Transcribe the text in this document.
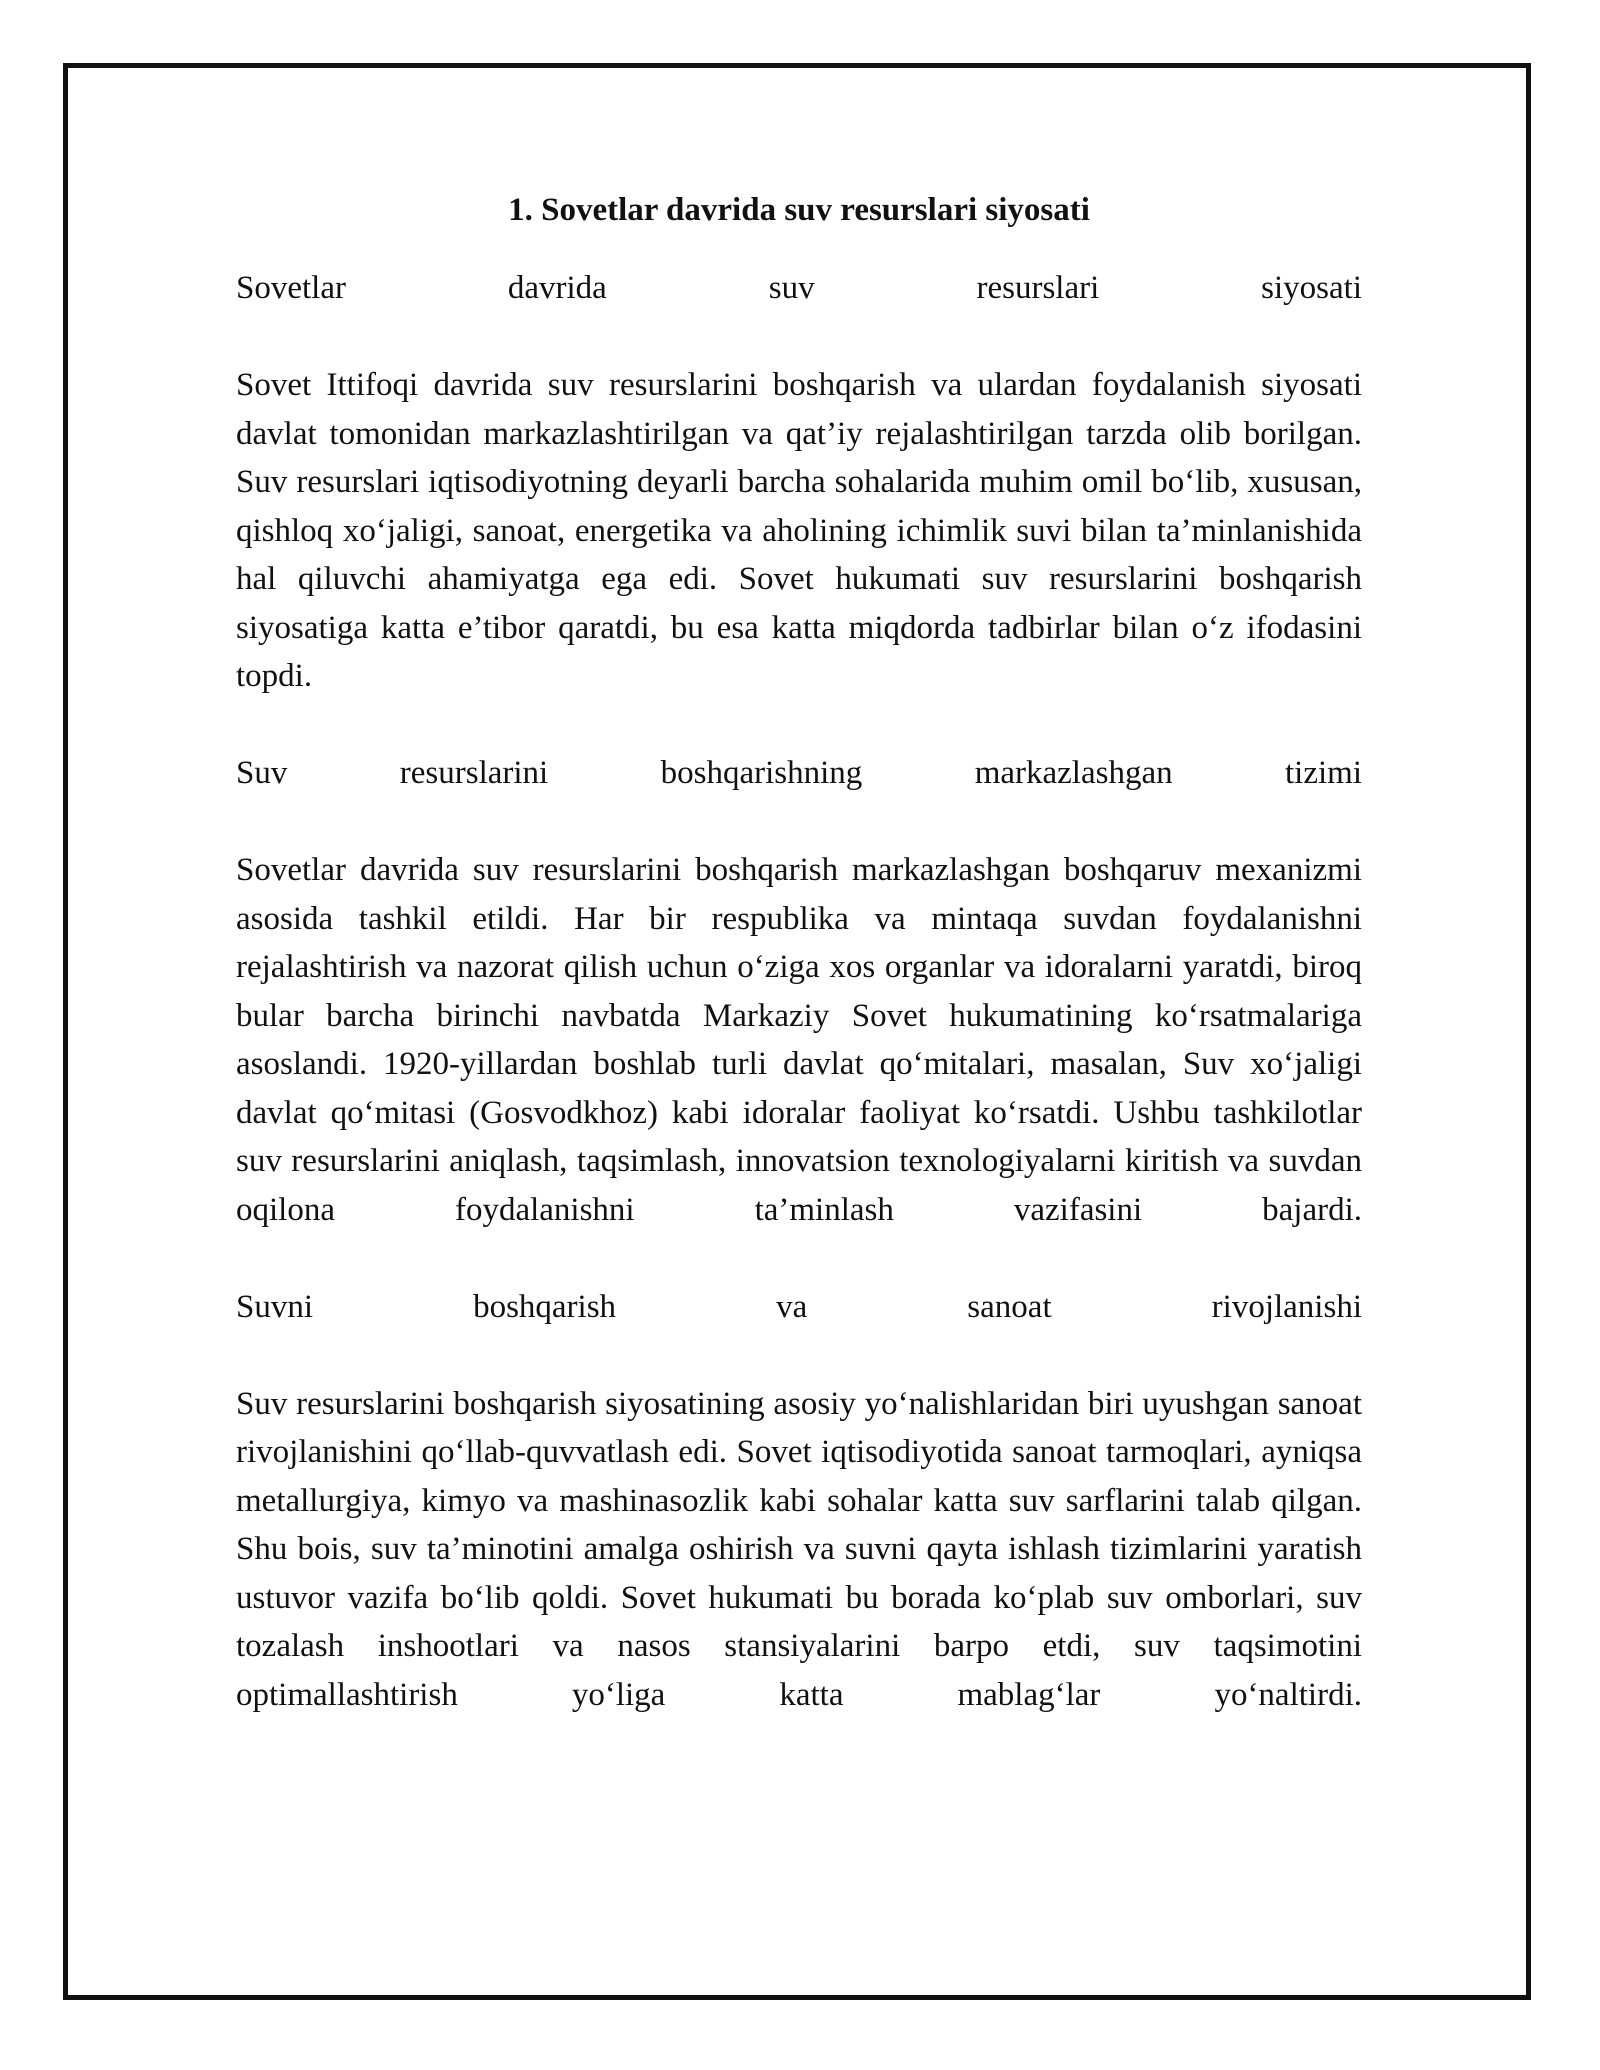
1. Sovetlar davrida suv resurslari siyosati
Sovetlar davrida suv resurslari siyosati

Sovet Ittifoqi davrida suv resurslarini boshqarish va ulardan foydalanish siyosati davlat tomonidan markazlashtirilgan va qat’iy rejalashtirilgan tarzda olib borilgan. Suv resurslari iqtisodiyotning deyarli barcha sohalarida muhim omil bo‘lib, xususan, qishloq xo‘jaligi, sanoat, energetika va aholining ichimlik suvi bilan ta’minlanishida hal qiluvchi ahamiyatga ega edi. Sovet hukumati suv resurslarini boshqarish siyosatiga katta e’tibor qaratdi, bu esa katta miqdorda tadbirlar bilan o‘z ifodasini topdi.

Suv resurslarini boshqarishning markazlashgan tizimi

Sovetlar davrida suv resurslarini boshqarish markazlashgan boshqaruv mexanizmi asosida tashkil etildi. Har bir respublika va mintaqa suvdan foydalanishni rejalashtirish va nazorat qilish uchun o‘ziga xos organlar va idoralarni yaratdi, biroq bular barcha birinchi navbatda Markaziy Sovet hukumatining ko‘rsatmalariga asoslandi. 1920-yillardan boshlab turli davlat qo‘mitalari, masalan, Suv xo‘jaligi davlat qo‘mitasi (Gosvodkhoz) kabi idoralar faoliyat ko‘rsatdi. Ushbu tashkilotlar suv resurslarini aniqlash, taqsimlash, innovatsion texnologiyalarni kiritish va suvdan oqilona foydalanishni ta’minlash vazifasini bajardi.

Suvni boshqarish va sanoat rivojlanishi

Suv resurslarini boshqarish siyosatining asosiy yo‘nalishlaridan biri uyushgan sanoat rivojlanishini qo‘llab-quvvatlash edi. Sovet iqtisodiyotida sanoat tarmoqlari, ayniqsa metallurgiya, kimyo va mashinasozlik kabi sohalar katta suv sarflarini talab qilgan. Shu bois, suv ta’minotini amalga oshirish va suvni qayta ishlash tizimlarini yaratish ustuvor vazifa bo‘lib qoldi. Sovet hukumati bu borada ko‘plab suv omborlari, suv tozalash inshootlari va nasos stansiyalarini barpo etdi, suv taqsimotini optimallashtirish yo‘liga katta mablag‘lar yo‘naltirdi.
